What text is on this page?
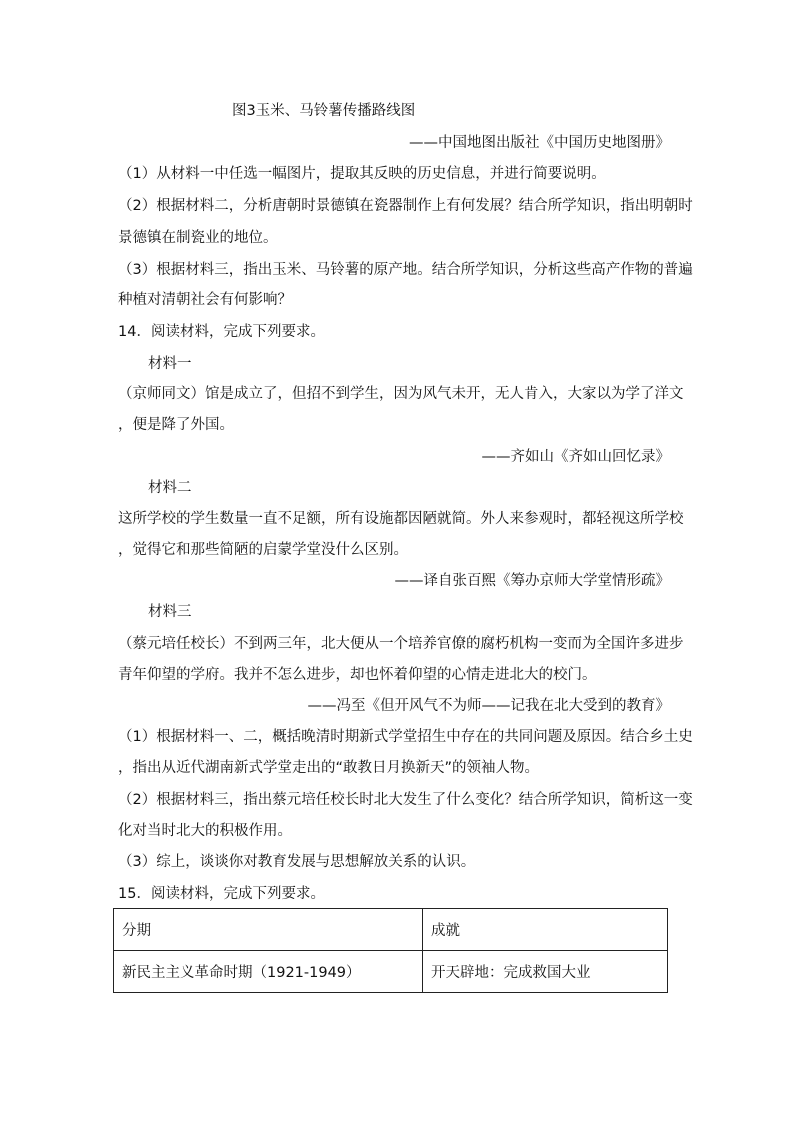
图3玉米、马铃薯传播路线图
——中国地图出版社《中国历史地图册》
（1）从材料一中任选一幅图片，提取其反映的历史信息，并进行简要说明。
（2）根据材料二，分析唐朝时景德镇在瓷器制作上有何发展？结合所学知识，指出明朝时
景德镇在制瓷业的地位。
（3）根据材料三，指出玉米、马铃薯的原产地。结合所学知识，分析这些高产作物的普遍
种植对清朝社会有何影响？
14．阅读材料，完成下列要求。
材料一
（京师同文）馆是成立了，但招不到学生，因为风气未开，无人肯入，大家以为学了洋文
，便是降了外国。
——齐如山《齐如山回忆录》
材料二
这所学校的学生数量一直不足额，所有设施都因陋就简。外人来参观时，都轻视这所学校
，觉得它和那些简陋的启蒙学堂没什么区别。
——译自张百熙《筹办京师大学堂情形疏》
材料三
（蔡元培任校长）不到两三年，北大便从一个培养官僚的腐朽机构一变而为全国许多进步
青年仰望的学府。我并不怎么进步，却也怀着仰望的心情走进北大的校门。
——冯至《但开风气不为师——记我在北大受到的教育》
（1）根据材料一、二，概括晚清时期新式学堂招生中存在的共同问题及原因。结合乡土史
，指出从近代湖南新式学堂走出的“敢教日月换新天”的领袖人物。
（2）根据材料三，指出蔡元培任校长时北大发生了什么变化？结合所学知识，简析这一变
化对当时北大的积极作用。
（3）综上，谈谈你对教育发展与思想解放关系的认识。
15．阅读材料，完成下列要求。
分期	成就
新民主主义革命时期（1921-1949）	开天辟地：完成救国大业
